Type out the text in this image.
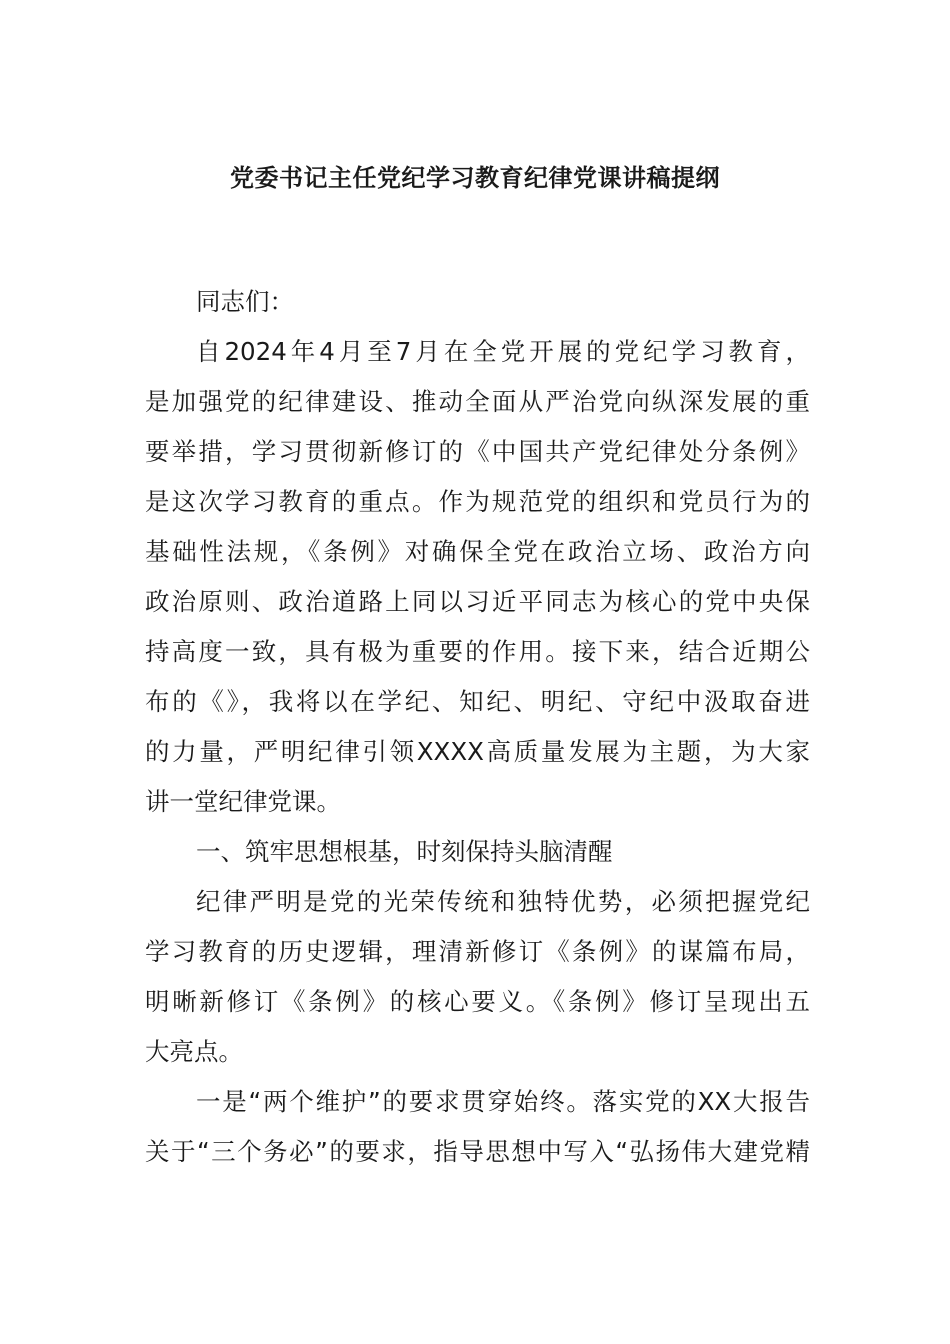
党委书记主任党纪学习教育纪律党课讲稿提纲
同志们：
自2024年4月至7月在全党开展的党纪学习教育，
是加强党的纪律建设、推动全面从严治党向纵深发展的重
要举措，学习贯彻新修订的《中国共产党纪律处分条例》
是这次学习教育的重点。作为规范党的组织和党员行为的
基础性法规，《条例》对确保全党在政治立场、政治方向
政治原则、政治道路上同以习近平同志为核心的党中央保
持高度一致，具有极为重要的作用。接下来，结合近期公
布的《》，我将以在学纪、知纪、明纪、守纪中汲取奋进
的力量，严明纪律引领XXXX高质量发展为主题，为大家
讲一堂纪律党课。
一、筑牢思想根基，时刻保持头脑清醒
纪律严明是党的光荣传统和独特优势，必须把握党纪
学习教育的历史逻辑，理清新修订《条例》的谋篇布局，
明晰新修订《条例》的核心要义。《条例》修订呈现出五
大亮点。
一是“两个维护”的要求贯穿始终。落实党的XX大报告
关于“三个务必”的要求，指导思想中写入“弘扬伟大建党精
